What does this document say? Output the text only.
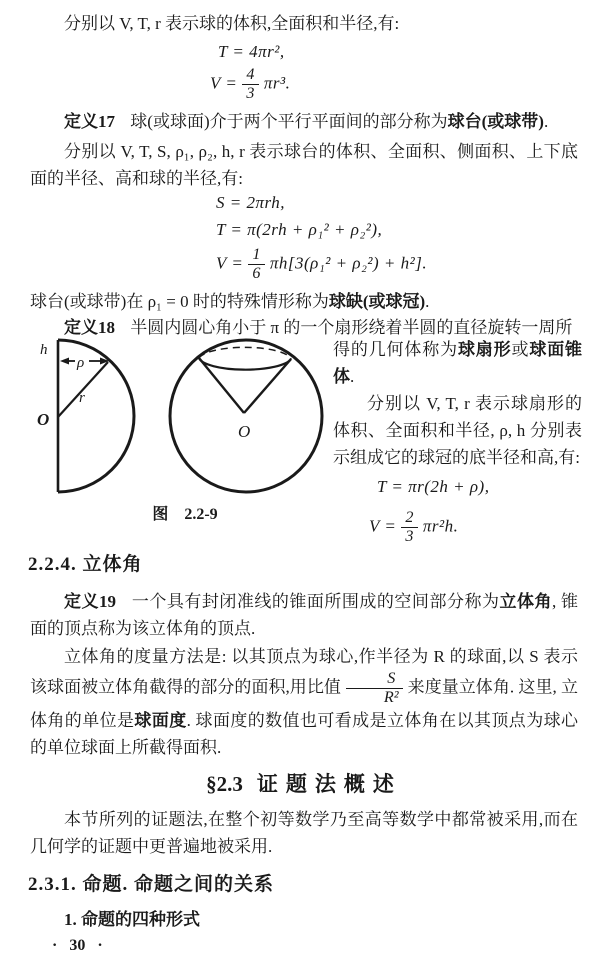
分别以 V, T, r 表示球的体积,全面积和半径,有:

T = 4πr²,
$V = \frac{4}{3} \pi r^3$.

定义17 球(或球面)介于两个平行平面间的部分称为球台(或球带).

分别以 V, T, S, ρ₁, ρ₂, h, r 表示球台的体积、全面积、侧面积、上下底面的半径、高和球的半径,有:

S = 2πrh,
T = π(2rh + ρ₁² + ρ₂²),
$V = \frac{1}{6} \pi h[3(\rho_1^2 + \rho_2^2) + h^2]$.

球台(或球带)在 ρ₁ = 0 时的特殊情形称为球缺(或球冠).

定义18 半圆内圆心角小于 π 的一个扇形绕着半圆的直径旋转一周所

h
ρ
r
O
O
图 2.2-9

得的几何体称为球扇形或球面锥体.

分别以 V, T, r 表示球扇形的体积、全面积和半径, ρ, h 分别表示组成它的球冠的底半径和高,有:

T = πr(2h + ρ),
$V = \frac{2}{3} \pi r^2h$.
2.2.4. 立体角

定义19 一个具有封闭准线的锥面所围成的空间部分称为立体角, 锥面的顶点称为该立体角的顶点.

立体角的度量方法是: 以其顶点为球心,作半径为 R 的球面,以 S 表示该球面被立体角截得的部分的面积,用比值 $\frac{S}{\text{R²}}$ 来度量立体角. 这里, 立体角的单位是球面度. 球面度的数值也可看成是立体角在以其顶点为球心的单位球面上所截得面积.

§2.3 证题法概述

本节所列的证题法,在整个初等数学乃至高等数学中都常被采用,而在几何学的证题中更普遍地被采用.

2.3.1. 命题. 命题之间的关系
1. 命题的四种形式
· 30 ·
